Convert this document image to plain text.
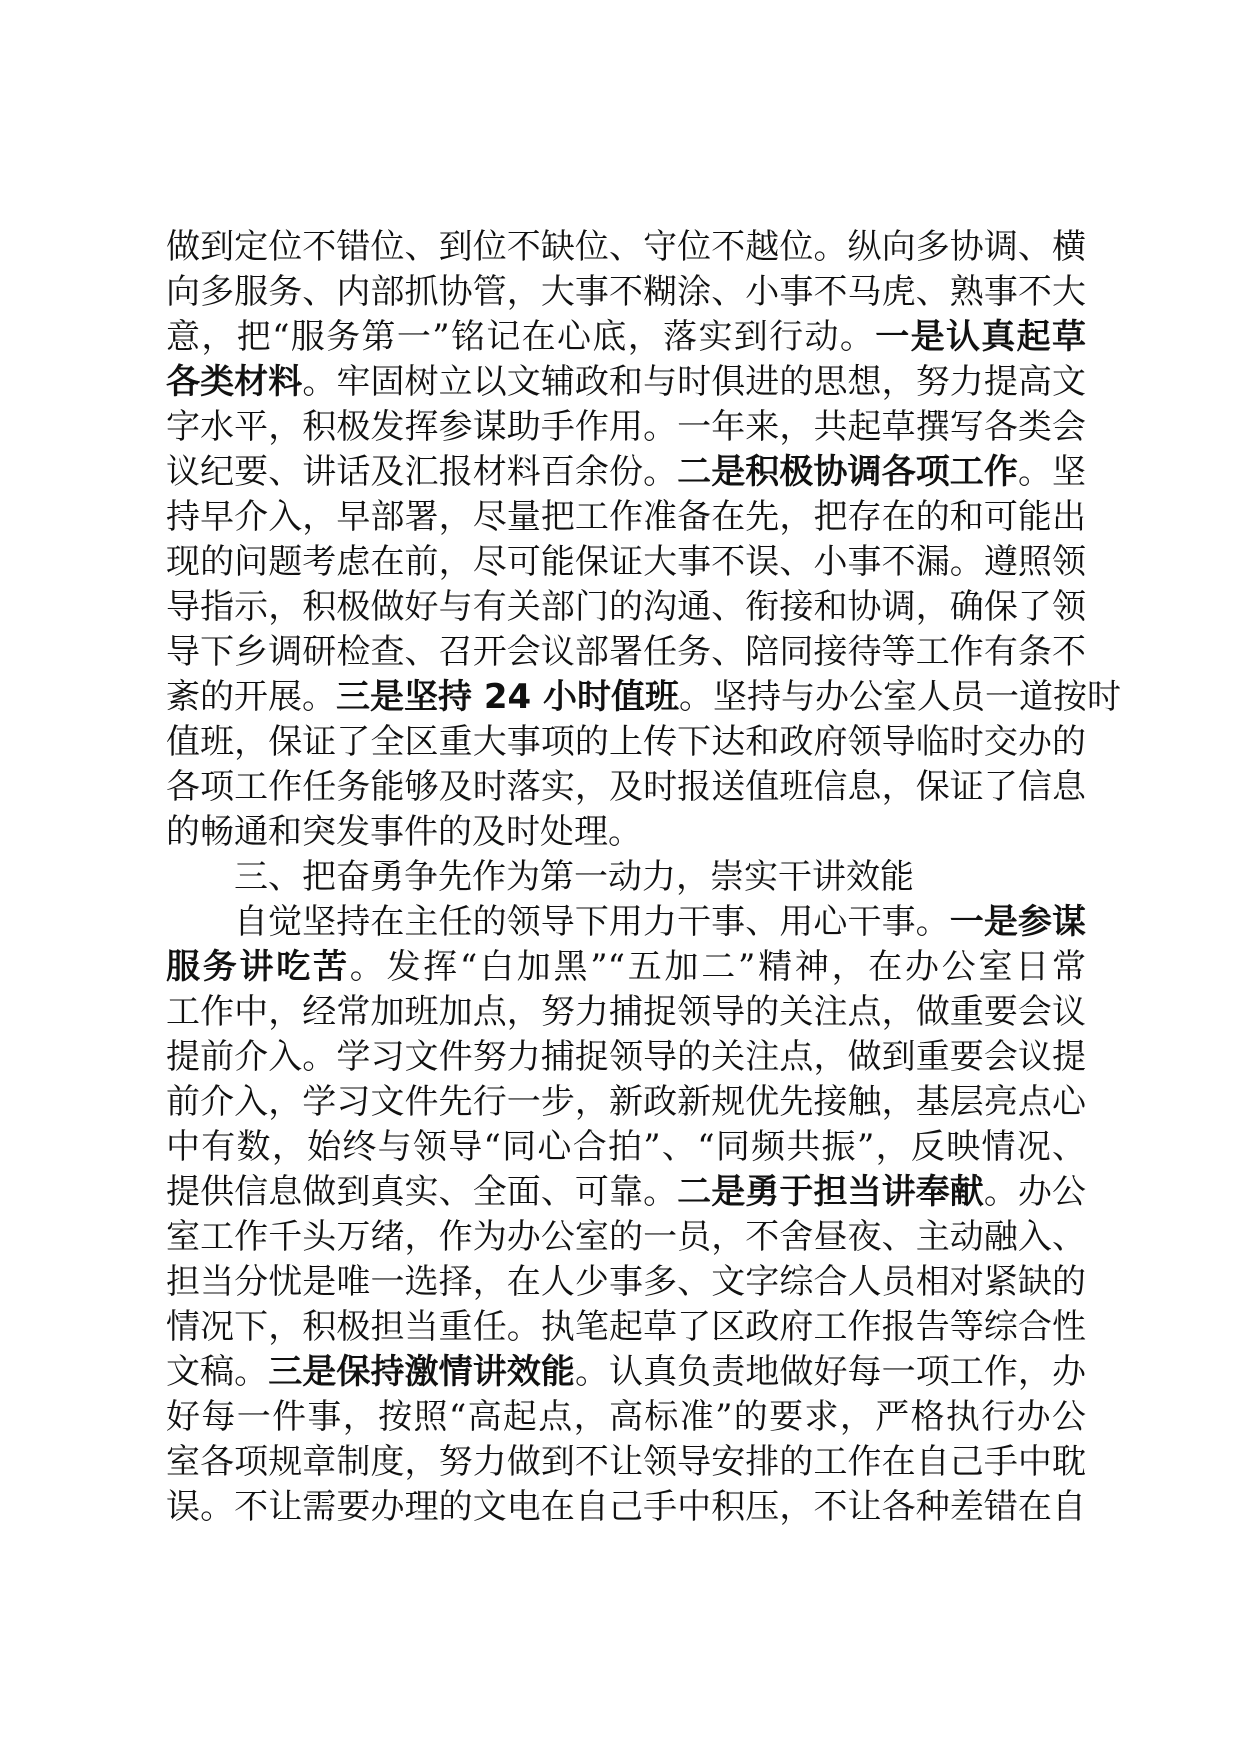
做到定位不错位、到位不缺位、守位不越位。纵向多协调、横
向多服务、内部抓协管，大事不糊涂、小事不马虎、熟事不大
意，把“服务第一”铭记在心底，落实到行动。一是认真起草
各类材料。牢固树立以文辅政和与时俱进的思想，努力提高文
字水平，积极发挥参谋助手作用。一年来，共起草撰写各类会
议纪要、讲话及汇报材料百余份。二是积极协调各项工作。坚
持早介入，早部署，尽量把工作准备在先，把存在的和可能出
现的问题考虑在前，尽可能保证大事不误、小事不漏。遵照领
导指示，积极做好与有关部门的沟通、衔接和协调，确保了领
导下乡调研检查、召开会议部署任务、陪同接待等工作有条不
紊的开展。三是坚持 24 小时值班。坚持与办公室人员一道按时
值班，保证了全区重大事项的上传下达和政府领导临时交办的
各项工作任务能够及时落实，及时报送值班信息，保证了信息
的畅通和突发事件的及时处理。
三、把奋勇争先作为第一动力，崇实干讲效能
自觉坚持在主任的领导下用力干事、用心干事。一是参谋
服务讲吃苦。发挥“白加黑”“五加二”精神，在办公室日常
工作中，经常加班加点，努力捕捉领导的关注点，做重要会议
提前介入。学习文件努力捕捉领导的关注点，做到重要会议提
前介入，学习文件先行一步，新政新规优先接触，基层亮点心
中有数，始终与领导“同心合拍”、“同频共振”，反映情况、
提供信息做到真实、全面、可靠。二是勇于担当讲奉献。办公
室工作千头万绪，作为办公室的一员，不舍昼夜、主动融入、
担当分忧是唯一选择，在人少事多、文字综合人员相对紧缺的
情况下，积极担当重任。执笔起草了区政府工作报告等综合性
文稿。三是保持激情讲效能。认真负责地做好每一项工作，办
好每一件事，按照“高起点，高标准”的要求，严格执行办公
室各项规章制度，努力做到不让领导安排的工作在自己手中耽
误。不让需要办理的文电在自己手中积压，不让各种差错在自
